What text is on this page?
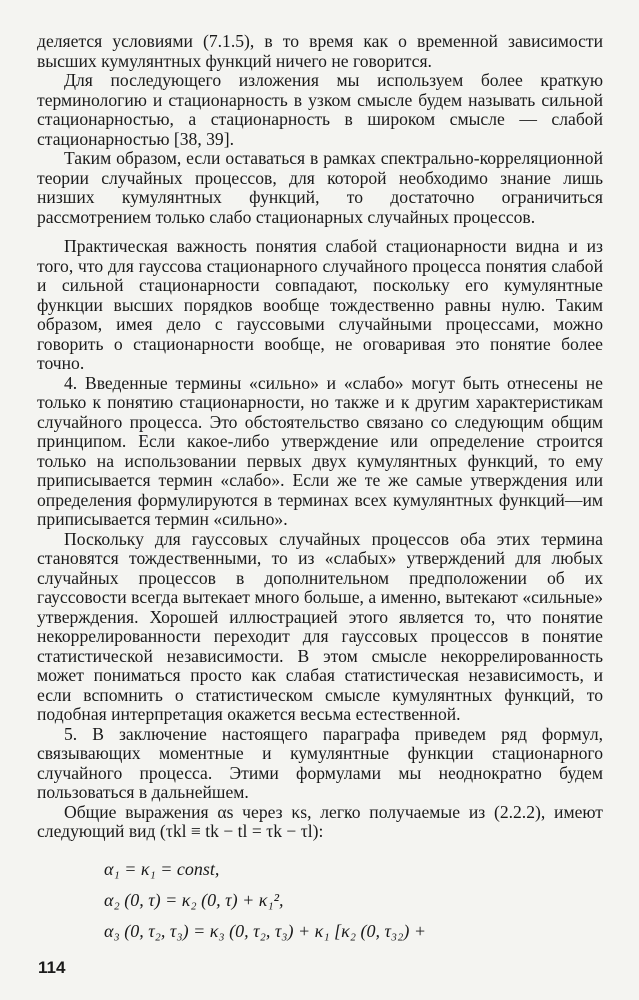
деляется условиями (7.1.5), в то время как о временной зависимости высших кумулянтных функций ничего не говорится.

Для последующего изложения мы используем более краткую терминологию и стационарность в узком смысле будем называть сильной стационарностью, а стационарность в широком смысле — слабой стационарностью [38, 39].

Таким образом, если оставаться в рамках спектрально-корреляционной теории случайных процессов, для которой необходимо знание лишь низших кумулянтных функций, то достаточно ограничиться рассмотрением только слабо стационарных случайных процессов.

Практическая важность понятия слабой стационарности видна и из того, что для гауссова стационарного случайного процесса понятия слабой и сильной стационарности совпадают, поскольку его кумулянтные функции высших порядков вообще тождественно равны нулю. Таким образом, имея дело с гауссовыми случайными процессами, можно говорить о стационарности вообще, не оговаривая это понятие более точно.

4. Введенные термины «сильно» и «слабо» могут быть отнесены не только к понятию стационарности, но также и к другим характеристикам случайного процесса. Это обстоятельство связано со следующим общим принципом. Если какое-либо утверждение или определение строится только на использовании первых двух кумулянтных функций, то ему приписывается термин «слабо». Если же те же самые утверждения или определения формулируются в терминах всех кумулянтных функций—им приписывается термин «сильно».

Поскольку для гауссовых случайных процессов оба этих термина становятся тождественными, то из «слабых» утверждений для любых случайных процессов в дополнительном предположении об их гауссовости всегда вытекает много больше, а именно, вытекают «сильные» утверждения. Хорошей иллюстрацией этого является то, что понятие некоррелированности переходит для гауссовых процессов в понятие статистической независимости. В этом смысле некоррелированность может пониматься просто как слабая статистическая независимость, и если вспомнить о статистическом смысле кумулянтных функций, то подобная интерпретация окажется весьма естественной.

5. В заключение настоящего параграфа приведем ряд формул, связывающих моментные и кумулянтные функции стационарного случайного процесса. Этими формулами мы неоднократно будем пользоваться в дальнейшем.

Общие выражения αs через κs, легко получаемые из (2.2.2), имеют следующий вид (τkl ≡ tk − tl = τk − τl):

α₁ = κ₁ = const,
α₂ (0, τ) = κ₂ (0, τ) + κ₁²,
α₃ (0, τ₂, τ₃) = κ₃ (0, τ₂, τ₃) + κ₁ [κ₂ (0, τ₃₂) +
114
